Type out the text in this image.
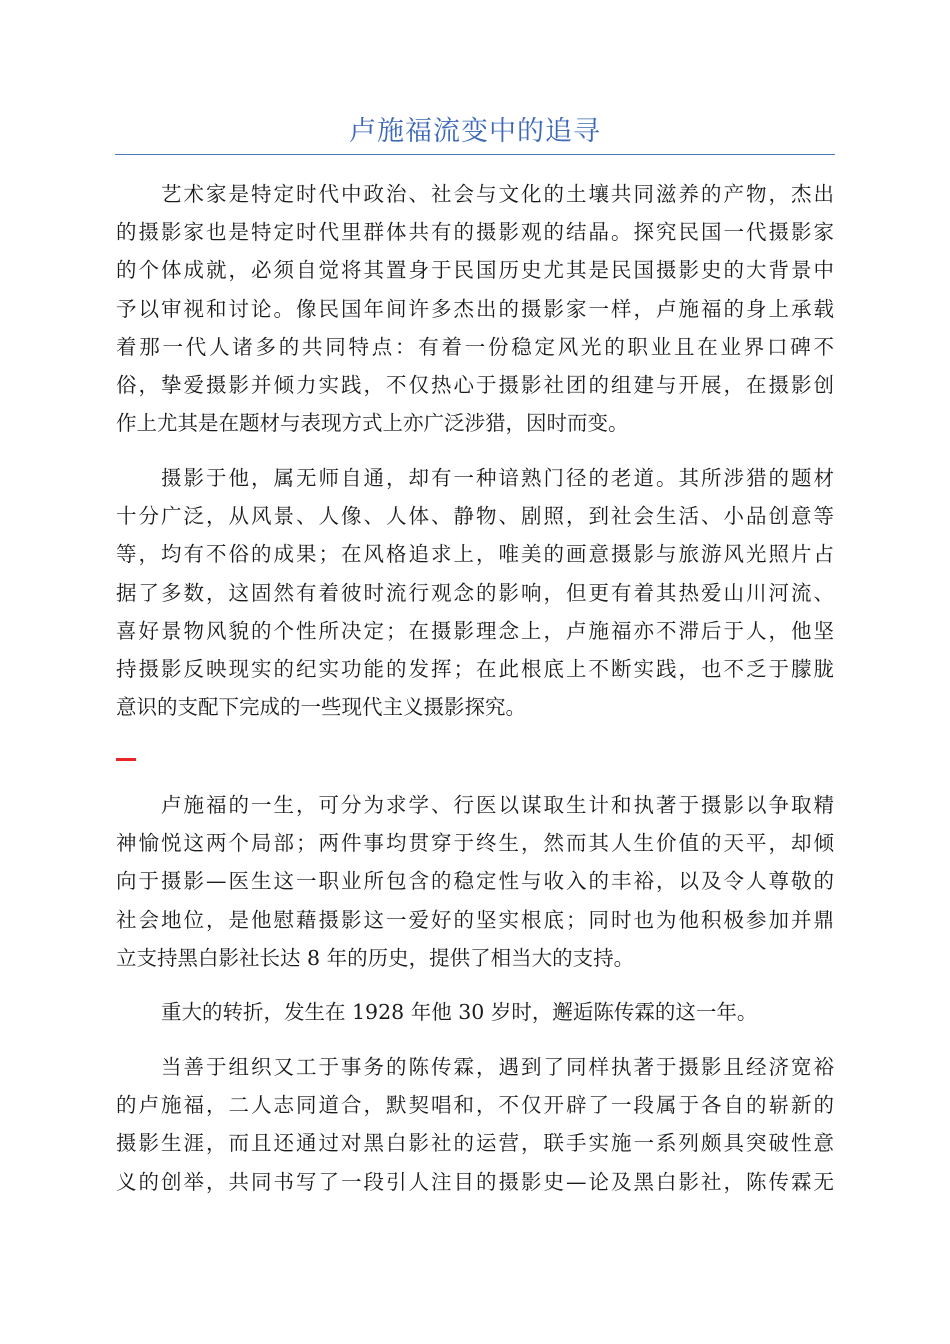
卢施福流变中的追寻

艺术家是特定时代中政治、社会与文化的土壤共同滋养的产物，杰出
的摄影家也是特定时代里群体共有的摄影观的结晶。探究民国一代摄影家
的个体成就，必须自觉将其置身于民国历史尤其是民国摄影史的大背景中
予以审视和讨论。像民国年间许多杰出的摄影家一样，卢施福的身上承载
着那一代人诸多的共同特点：有着一份稳定风光的职业且在业界口碑不
俗，挚爱摄影并倾力实践，不仅热心于摄影社团的组建与开展，在摄影创
作上尤其是在题材与表现方式上亦广泛涉猎，因时而变。

摄影于他，属无师自通，却有一种谙熟门径的老道。其所涉猎的题材
十分广泛，从风景、人像、人体、静物、剧照，到社会生活、小品创意等
等，均有不俗的成果；在风格追求上，唯美的画意摄影与旅游风光照片占
据了多数，这固然有着彼时流行观念的影响，但更有着其热爱山川河流、
喜好景物风貌的个性所决定；在摄影理念上，卢施福亦不滞后于人，他坚
持摄影反映现实的纪实功能的发挥；在此根底上不断实践，也不乏于朦胧
意识的支配下完成的一些现代主义摄影探究。

卢施福的一生，可分为求学、行医以谋取生计和执著于摄影以争取精
神愉悦这两个局部；两件事均贯穿于终生，然而其人生价值的天平，却倾
向于摄影—医生这一职业所包含的稳定性与收入的丰裕，以及令人尊敬的
社会地位，是他慰藉摄影这一爱好的坚实根底；同时也为他积极参加并鼎
立支持黑白影社长达 8 年的历史，提供了相当大的支持。

重大的转折，发生在 1928 年他 30 岁时，邂逅陈传霖的这一年。

当善于组织又工于事务的陈传霖，遇到了同样执著于摄影且经济宽裕
的卢施福，二人志同道合，默契唱和，不仅开辟了一段属于各自的崭新的
摄影生涯，而且还通过对黑白影社的运营，联手实施一系列颇具突破性意
义的创举，共同书写了一段引人注目的摄影史—论及黑白影社，陈传霖无
